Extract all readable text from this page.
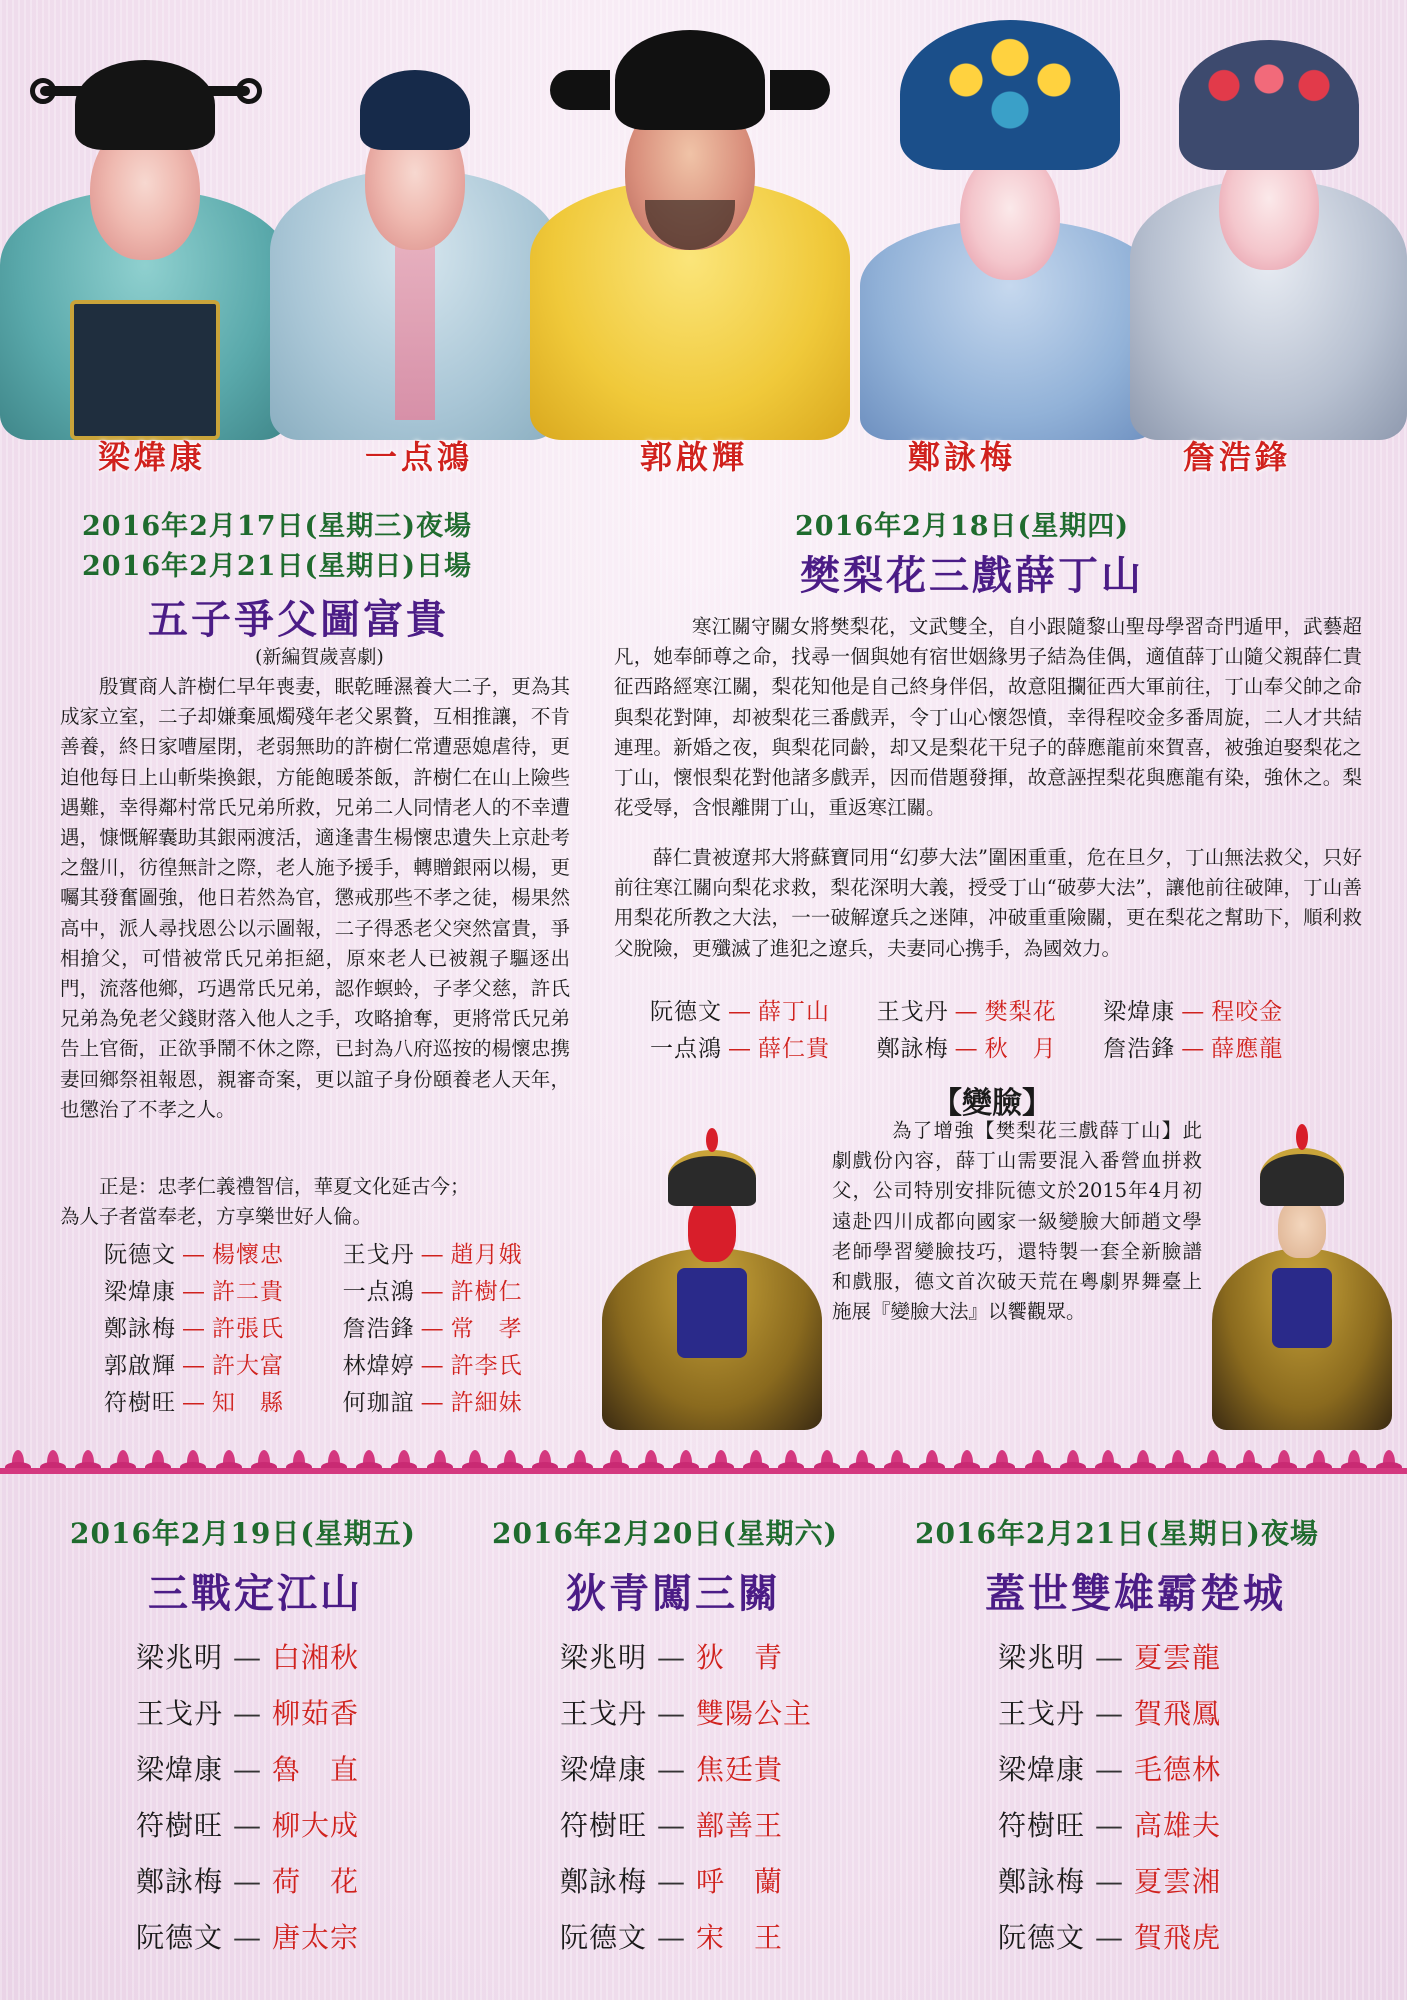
梁煒康	一点鴻	郭啟輝	鄭詠梅	詹浩鋒
2016年2月17日(星期三)夜場
2016年2月21日(星期日)日場
五子爭父圖富貴
(新編賀歲喜劇)
殷實商人許樹仁早年喪妻，眠乾睡濕養大二子，更為其成家立室，二子却嫌棄風燭殘年老父累贅，互相推讓，不肯善養，終日家嘈屋閉，老弱無助的許樹仁常遭惡媳虐待，更迫他每日上山斬柴換銀，方能飽暖茶飯，許樹仁在山上險些遇難，幸得鄰村常氏兄弟所救，兄弟二人同情老人的不幸遭遇，慷慨解囊助其銀兩渡活，適逢書生楊懷忠遺失上京赴考之盤川，彷徨無計之際，老人施予援手，轉贈銀兩以楊，更囑其發奮圖強，他日若然為官，懲戒那些不孝之徒，楊果然高中，派人尋找恩公以示圖報，二子得悉老父突然富貴，爭相搶父，可惜被常氏兄弟拒絕，原來老人已被親子驅逐出門，流落他鄉，巧遇常氏兄弟，認作螟蛉，子孝父慈，許氏兄弟為免老父錢財落入他人之手，攻略搶奪，更將常氏兄弟告上官衙，正欲爭鬧不休之際，已封為八府巡按的楊懷忠携妻回鄉祭祖報恩，親審奇案，更以誼子身份頤養老人天年，也懲治了不孝之人。
正是：忠孝仁義禮智信，華夏文化延古今；
為人子者當奉老，方享樂世好人倫。
阮德文 — 楊懷忠	王戈丹 — 趙月娥
梁煒康 — 許二貴	一点鴻 — 許樹仁
鄭詠梅 — 許張氏	詹浩鋒 — 常　孝
郭啟輝 — 許大富	林煒婷 — 許李氏
符樹旺 — 知　縣	何珈誼 — 許細妹
2016年2月18日(星期四)
樊梨花三戲薛丁山
寒江關守關女將樊梨花，文武雙全，自小跟隨黎山聖母學習奇門遁甲，武藝超凡，她奉師尊之命，找尋一個與她有宿世姻緣男子結為佳偶，適值薛丁山隨父親薛仁貴征西路經寒江關，梨花知他是自己終身伴侶，故意阻攔征西大軍前往，丁山奉父帥之命與梨花對陣，却被梨花三番戲弄，令丁山心懷怨憤，幸得程咬金多番周旋，二人才共結連理。新婚之夜，與梨花同齡，却又是梨花干兒子的薛應龍前來賀喜，被強迫娶梨花之丁山，懷恨梨花對他諸多戲弄，因而借題發揮，故意誣捏梨花與應龍有染，強休之。梨花受辱，含恨離開丁山，重返寒江關。
薛仁貴被遼邦大將蘇寶同用“幻夢大法”圍困重重，危在旦夕，丁山無法救父，只好前往寒江關向梨花求救，梨花深明大義，授受丁山“破夢大法”，讓他前往破陣，丁山善用梨花所教之大法，一一破解遼兵之迷陣，冲破重重險關，更在梨花之幫助下，順利救父脫險，更殲滅了進犯之遼兵，夫妻同心携手，為國效力。
阮德文 — 薛丁山 王戈丹 — 樊梨花 梁煒康 — 程咬金
一点鴻 — 薛仁貴 鄭詠梅 — 秋　月 詹浩鋒 — 薛應龍
【變臉】
為了增強【樊梨花三戲薛丁山】此劇戲份內容，薛丁山需要混入番營血拼救父，公司特別安排阮德文於2015年4月初遠赴四川成都向國家一級變臉大師趙文學老師學習變臉技巧，還特製一套全新臉譜和戲服，德文首次破天荒在粵劇界舞臺上施展『變臉大法』以饗觀眾。
2016年2月19日(星期五)
三戰定江山
梁兆明 — 白湘秋
王戈丹 — 柳茹香
梁煒康 — 魯　直
符樹旺 — 柳大成
鄭詠梅 — 荷　花
阮德文 — 唐太宗
2016年2月20日(星期六)
狄青闖三關
梁兆明 — 狄　青
王戈丹 — 雙陽公主
梁煒康 — 焦廷貴
符樹旺 — 鄯善王
鄭詠梅 — 呼　蘭
阮德文 — 宋　王
2016年2月21日(星期日)夜場
蓋世雙雄霸楚城
梁兆明 — 夏雲龍
王戈丹 — 賀飛鳳
梁煒康 — 毛德林
符樹旺 — 高雄夫
鄭詠梅 — 夏雲湘
阮德文 — 賀飛虎
